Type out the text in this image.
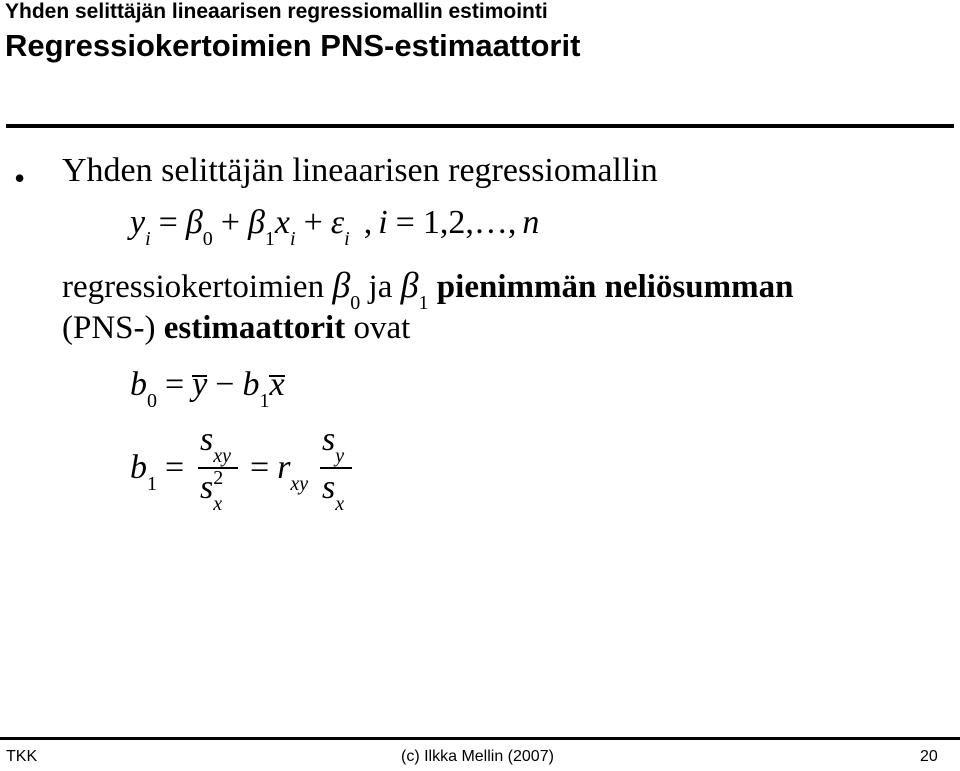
Yhden selittäjän lineaarisen regressiomallin estimointi
Regressiokertoimien PNS-estimaattorit
• Yhden selittäjän lineaarisen regressiomallin
$y_i = \beta_0 + \beta_1x_i + \varepsilon_i$ , i = 1,2,…, n
regressiokertoimien $\beta_0$ ja $\beta_1$ pienimmän neliösumman
(PNS-) estimaattorit ovat
$b_0 = y - b_1x$
$b_1$ =
$s_{xy}$
$s^2_x$
= $r_{xy}$
$s_y$
$s_x$
TKK	(c) Ilkka Mellin (2007)	20
